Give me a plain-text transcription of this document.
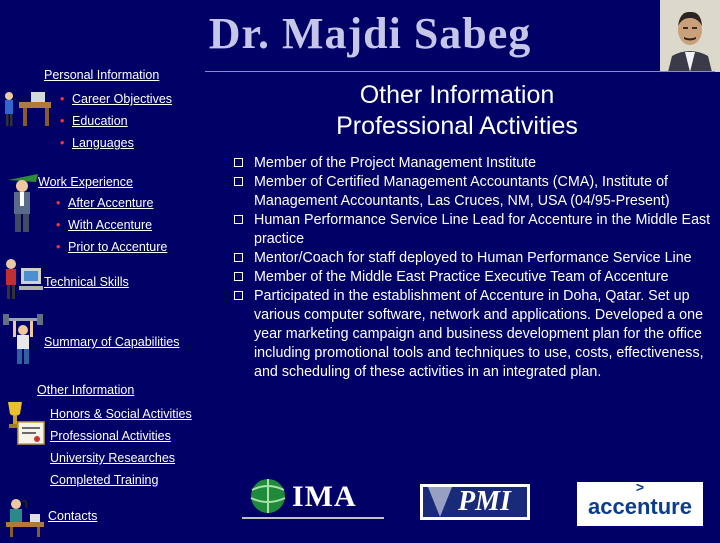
Dr. Majdi Sabeg
Personal Information
• Career Objectives
• Education
• Languages
Work Experience
• After Accenture
• With Accenture
• Prior to Accenture
Technical Skills
Summary of Capabilities
Other Information
Honors & Social Activities
Professional Activities
University Researches
Completed Training
Contacts
Other Information
Professional Activities
Member of the Project Management Institute
Member of Certified Management Accountants (CMA), Institute of Management Accountants, Las Cruces, NM, USA (04/95-Present)
Human Performance Service Line Lead for Accenture in the Middle East practice
Mentor/Coach for staff deployed to Human Performance Service Line
Member of the Middle East Practice Executive Team of Accenture
Participated in the establishment of Accenture in Doha, Qatar. Set up various computer software, network and applications. Developed a one year marketing campaign and business development plan for the office including promotional tools and techniques to use, costs, effectiveness, and scheduling of these activities in an integrated plan.
IMA	PMI	>
accenture
